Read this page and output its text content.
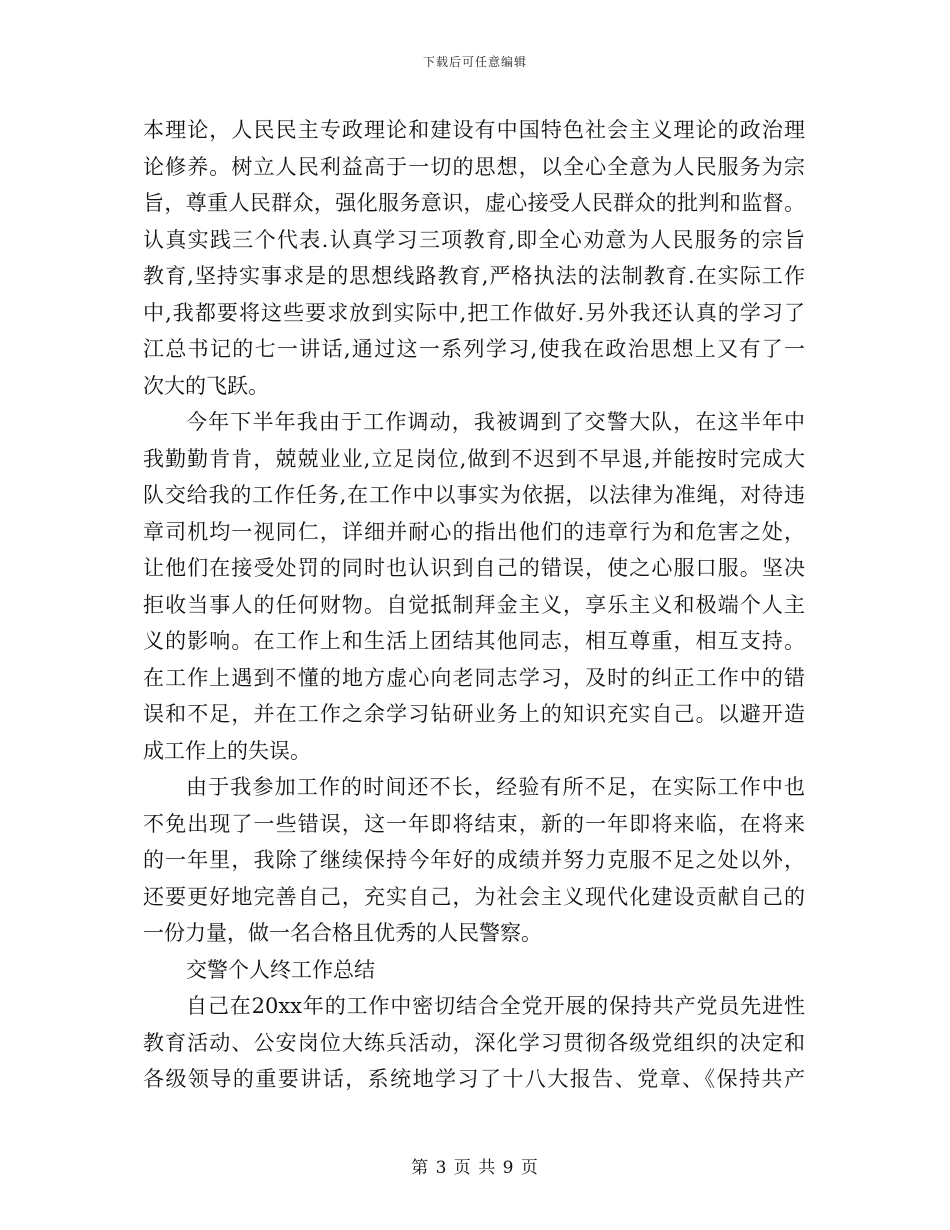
下载后可任意编辑
本理论，人民民主专政理论和建设有中国特色社会主义理论的政治理
论修养。树立人民利益高于一切的思想，以全心全意为人民服务为宗
旨，尊重人民群众，强化服务意识，虚心接受人民群众的批判和监督。
认真实践三个代表.认真学习三项教育,即全心劝意为人民服务的宗旨
教育,坚持实事求是的思想线路教育,严格执法的法制教育.在实际工作
中,我都要将这些要求放到实际中,把工作做好.另外我还认真的学习了
江总书记的七一讲话,通过这一系列学习,使我在政治思想上又有了一
次大的飞跃。
今年下半年我由于工作调动，我被调到了交警大队，在这半年中
我勤勤肯肯，兢兢业业,立足岗位,做到不迟到不早退,并能按时完成大
队交给我的工作任务,在工作中以事实为依据，以法律为准绳，对待违
章司机均一视同仁，详细并耐心的指出他们的违章行为和危害之处，
让他们在接受处罚的同时也认识到自己的错误，使之心服口服。坚决
拒收当事人的任何财物。自觉抵制拜金主义，享乐主义和极端个人主
义的影响。在工作上和生活上团结其他同志，相互尊重，相互支持。
在工作上遇到不懂的地方虚心向老同志学习，及时的纠正工作中的错
误和不足，并在工作之余学习钻研业务上的知识充实自己。以避开造
成工作上的失误。
由于我参加工作的时间还不长，经验有所不足，在实际工作中也
不免出现了一些错误，这一年即将结束，新的一年即将来临，在将来
的一年里，我除了继续保持今年好的成绩并努力克服不足之处以外，
还要更好地完善自己，充实自己，为社会主义现代化建设贡献自己的
一份力量，做一名合格且优秀的人民警察。
交警个人终工作总结
自己在20xx年的工作中密切结合全党开展的保持共产党员先进性
教育活动、公安岗位大练兵活动，深化学习贯彻各级党组织的决定和
各级领导的重要讲话，系统地学习了十八大报告、党章、《保持共产
第 3 页 共 9 页
